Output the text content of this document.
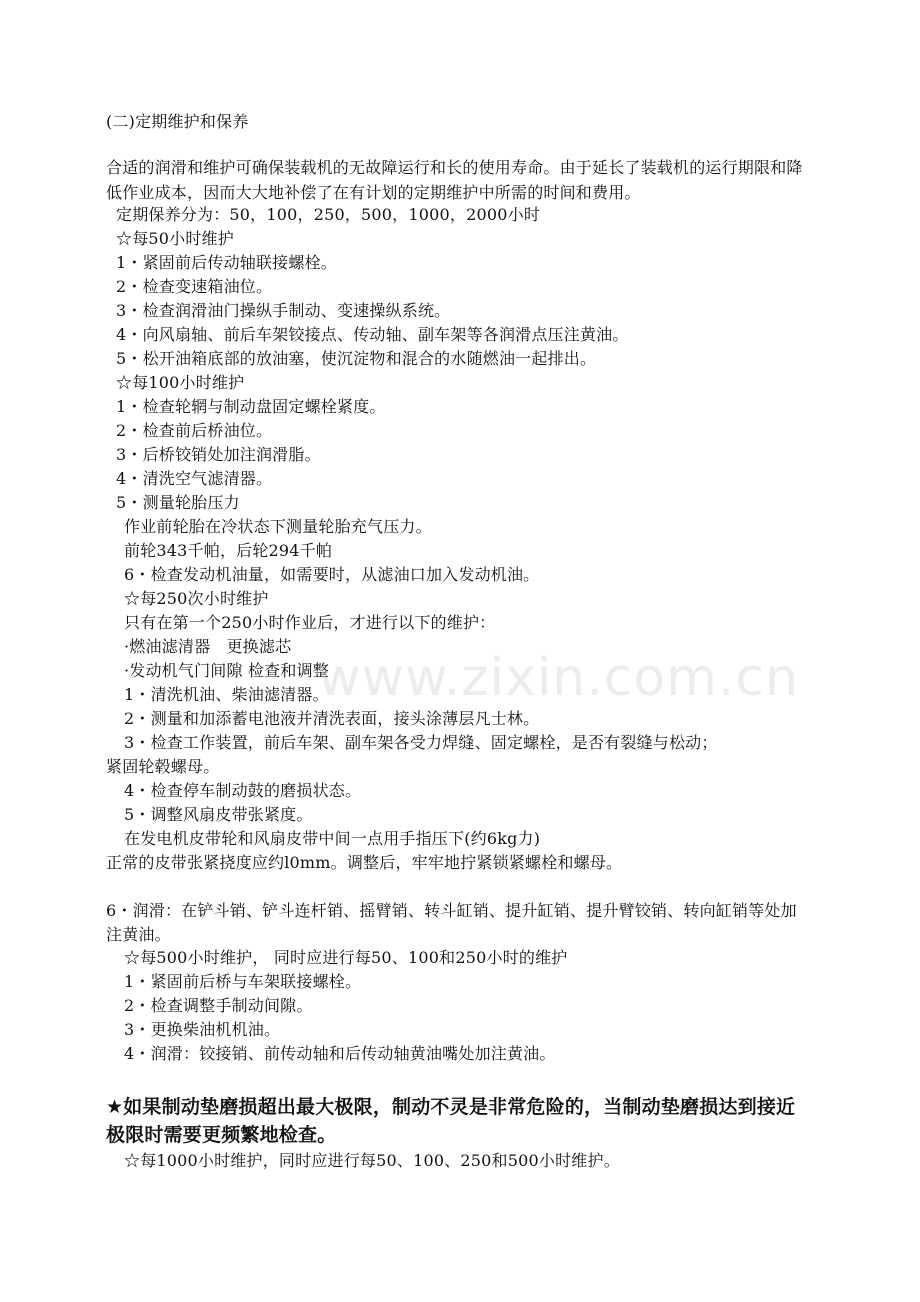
www.zixin.com.cn
(二)定期维护和保养
合适的润滑和维护可确保装载机的无故障运行和长的使用寿命。由于延长了装载机的运行期限和降低作业成本，因而大大地补偿了在有计划的定期维护中所需的时间和费用。
定期保养分为：50，100，250，500，1000，2000小时
☆每50小时维护
1・紧固前后传动轴联接螺栓。
2・检查变速箱油位。
3・检查润滑油门操纵手制动、变速操纵系统。
4・向风扇轴、前后车架铰接点、传动轴、副车架等各润滑点压注黄油。
5・松开油箱底部的放油塞，使沉淀物和混合的水随燃油一起排出。
☆每100小时维护
1・检查轮辋与制动盘固定螺栓紧度。
2・检查前后桥油位。
3・后桥铰销处加注润滑脂。
4・清洗空气滤清器。
5・测量轮胎压力
作业前轮胎在冷状态下测量轮胎充气压力。
前轮343千帕，后轮294千帕
6・检查发动机油量，如需要时，从滤油口加入发动机油。
☆每250次小时维护
只有在第一个250小时作业后，才进行以下的维护：
·燃油滤清器　更换滤芯
·发动机气门间隙 检查和调整
1・清洗机油、柴油滤清器。
2・测量和加添蓄电池液并清洗表面，接头涂薄层凡士林。
3・检查工作装置，前后车架、副车架各受力焊缝、固定螺栓，是否有裂缝与松动；
紧固轮毂螺母。
4・检查停车制动鼓的磨损状态。
5・调整风扇皮带张紧度。
在发电机皮带轮和风扇皮带中间一点用手指压下(约6kg力)
正常的皮带张紧挠度应约l0mm。调整后，牢牢地拧紧锁紧螺栓和螺母。
6・润滑：在铲斗销、铲斗连杆销、摇臂销、转斗缸销、提升缸销、提升臂铰销、转向缸销等处加注黄油。
☆每500小时维护， 同时应进行每50、100和250小时的维护
1・紧固前后桥与车架联接螺栓。
2・检查调整手制动间隙。
3・更换柴油机机油。
4・润滑：铰接销、前传动轴和后传动轴黄油嘴处加注黄油。
★如果制动垫磨损超出最大极限，制动不灵是非常危险的，当制动垫磨损达到接近极限时需要更频繁地检查。
☆每1000小时维护，同时应进行每50、100、250和500小时维护。
